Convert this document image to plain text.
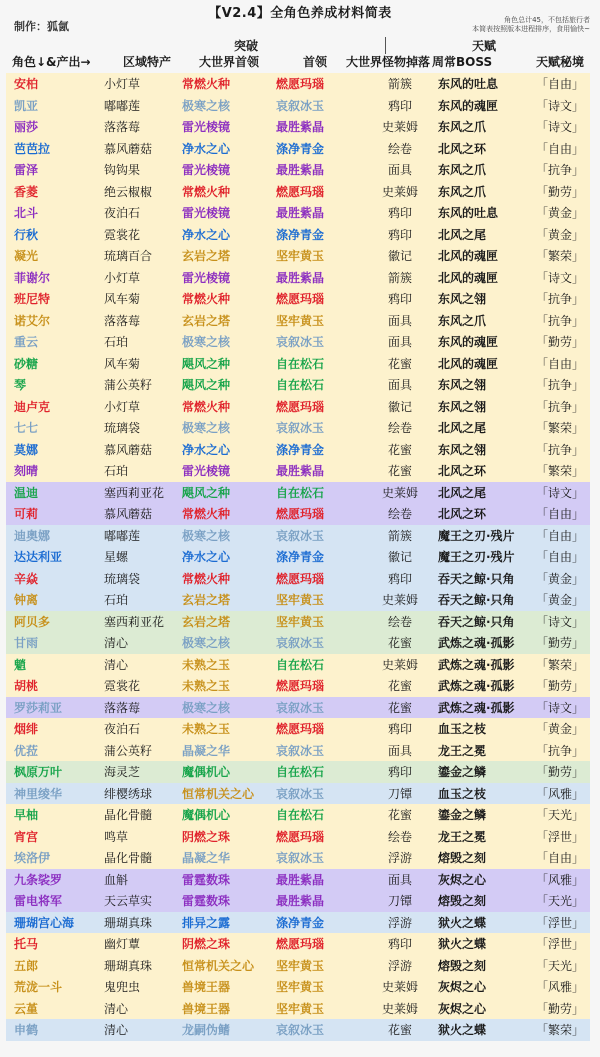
【V2.4】全角色养成材料简表
制作：狐氤	角色总计45，不包括旅行者
本简表按照版本进程排序，食用愉快~
突破	天赋
角色↓&产出→	区域特产	大世界首领	首领	大世界怪物掉落 周常BOSS	天赋秘境
安柏	小灯草	常燃火种	燃愿玛瑙	箭簇	东风的吐息	「自由」
凯亚	嘟嘟莲	极寒之核	哀叙冰玉	鸦印	东风的魂匣	「诗文」
丽莎	落落莓	雷光棱镜	最胜紫晶	史莱姆	东风之爪	「诗文」
芭芭拉	慕风蘑菇	净水之心	涤净青金	绘卷	北风之环	「自由」
雷泽	钩钩果	雷光棱镜	最胜紫晶	面具	东风之爪	「抗争」
香菱	绝云椒椒	常燃火种	燃愿玛瑙	史莱姆	东风之爪	「勤劳」
北斗	夜泊石	雷光棱镜	最胜紫晶	鸦印	东风的吐息	「黄金」
行秋	霓裳花	净水之心	涤净青金	鸦印	北风之尾	「黄金」
凝光	琉璃百合	玄岩之塔	坚牢黄玉	徽记	北风的魂匣	「繁荣」
菲谢尔	小灯草	雷光棱镜	最胜紫晶	箭簇	北风的魂匣	「诗文」
班尼特	风车菊	常燃火种	燃愿玛瑙	鸦印	东风之翎	「抗争」
诺艾尔	落落莓	玄岩之塔	坚牢黄玉	面具	东风之爪	「抗争」
重云	石珀	极寒之核	哀叙冰玉	面具	东风的魂匣	「勤劳」
砂糖	风车菊	飓风之种	自在松石	花蜜	北风的魂匣	「自由」
琴	蒲公英籽	飓风之种	自在松石	面具	东风之翎	「抗争」
迪卢克	小灯草	常燃火种	燃愿玛瑙	徽记	东风之翎	「抗争」
七七	琉璃袋	极寒之核	哀叙冰玉	绘卷	北风之尾	「繁荣」
莫娜	慕风蘑菇	净水之心	涤净青金	花蜜	东风之翎	「抗争」
刻晴	石珀	雷光棱镜	最胜紫晶	花蜜	北风之环	「繁荣」
温迪	塞西莉亚花	飓风之种	自在松石	史莱姆	北风之尾	「诗文」
可莉	慕风蘑菇	常燃火种	燃愿玛瑙	绘卷	北风之环	「自由」
迪奥娜	嘟嘟莲	极寒之核	哀叙冰玉	箭簇	魔王之刃·残片	「自由」
达达利亚	星螺	净水之心	涤净青金	徽记	魔王之刃·残片	「自由」
辛焱	琉璃袋	常燃火种	燃愿玛瑙	鸦印	吞天之鲸·只角	「黄金」
钟离	石珀	玄岩之塔	坚牢黄玉	史莱姆	吞天之鲸·只角	「黄金」
阿贝多	塞西莉亚花	玄岩之塔	坚牢黄玉	绘卷	吞天之鲸·只角	「诗文」
甘雨	清心	极寒之核	哀叙冰玉	花蜜	武炼之魂·孤影	「勤劳」
魈	清心	未熟之玉	自在松石	史莱姆	武炼之魂·孤影	「繁荣」
胡桃	霓裳花	未熟之玉	燃愿玛瑙	花蜜	武炼之魂·孤影	「勤劳」
罗莎莉亚	落落莓	极寒之核	哀叙冰玉	花蜜	武炼之魂·孤影	「诗文」
烟绯	夜泊石	未熟之玉	燃愿玛瑙	鸦印	血玉之枝	「黄金」
优菈	蒲公英籽	晶凝之华	哀叙冰玉	面具	龙王之冕	「抗争」
枫原万叶	海灵芝	魔偶机心	自在松石	鸦印	鎏金之鳞	「勤劳」
神里绫华	绯樱绣球	恒常机关之心	哀叙冰玉	刀镡	血玉之枝	「风雅」
早柚	晶化骨髓	魔偶机心	自在松石	花蜜	鎏金之鳞	「天光」
宵宫	鸣草	阴燃之珠	燃愿玛瑙	绘卷	龙王之冕	「浮世」
埃洛伊	晶化骨髓	晶凝之华	哀叙冰玉	浮游	熔毁之刻	「自由」
九条裟罗	血斛	雷霆数珠	最胜紫晶	面具	灰烬之心	「风雅」
雷电将军	天云草实	雷霆数珠	最胜紫晶	刀镡	熔毁之刻	「天光」
珊瑚宫心海	珊瑚真珠	排异之露	涤净青金	浮游	狱火之蝶	「浮世」
托马	幽灯蕈	阴燃之珠	燃愿玛瑙	鸦印	狱火之蝶	「浮世」
五郎	珊瑚真珠	恒常机关之心	坚牢黄玉	浮游	熔毁之刻	「天光」
荒泷一斗	鬼兜虫	兽境王器	坚牢黄玉	史莱姆	灰烬之心	「风雅」
云堇	清心	兽境王器	坚牢黄玉	史莱姆	灰烬之心	「勤劳」
申鹤	清心	龙嗣伪鳍	哀叙冰玉	花蜜	狱火之蝶	「繁荣」
